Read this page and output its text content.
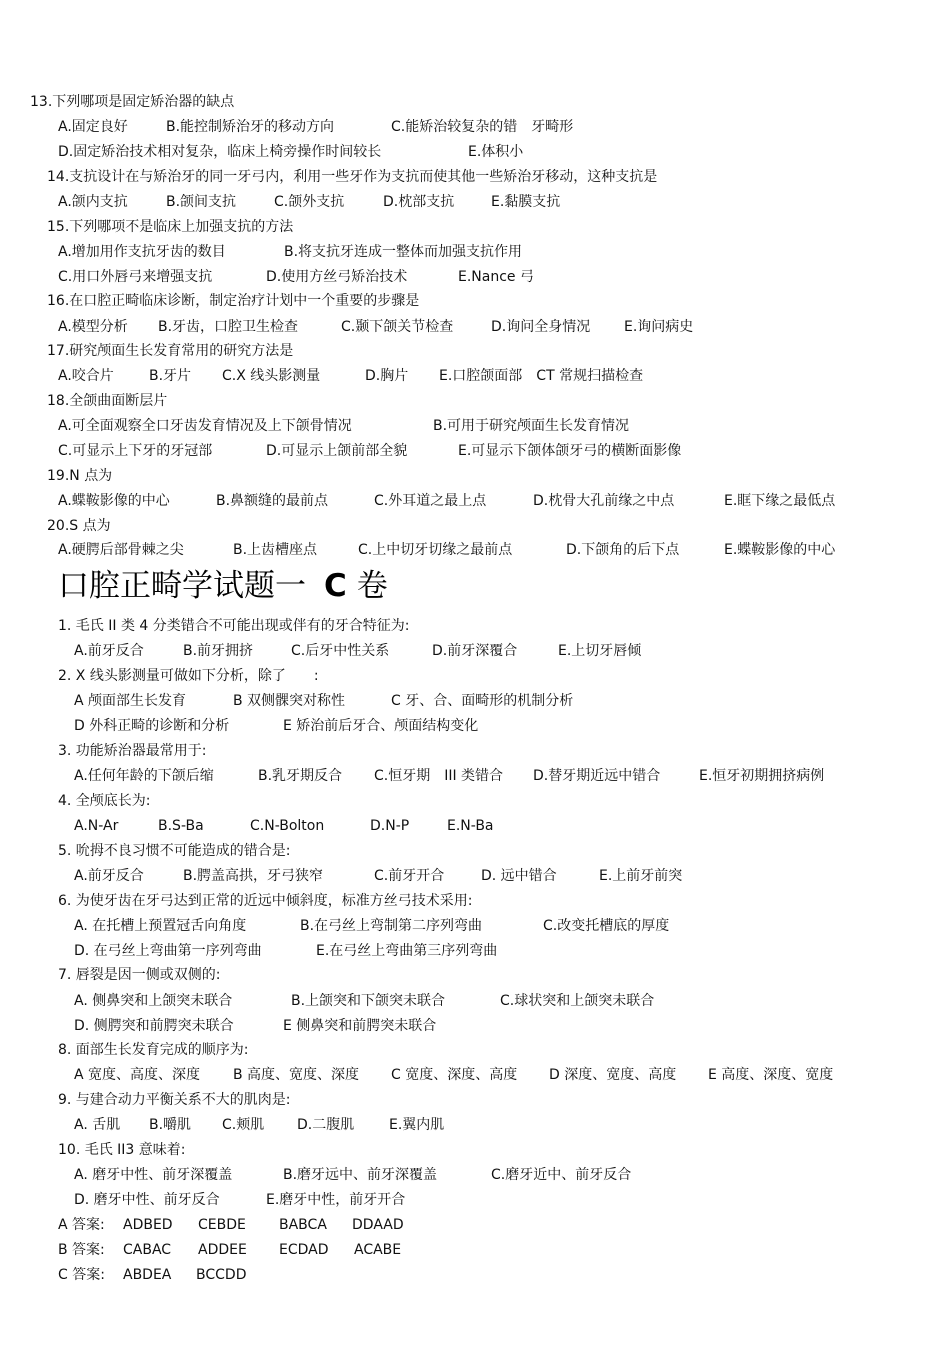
13.下列哪项是固定矫治器的缺点
A.固定良好	B.能控制矫治牙的移动方向	C.能矫治较复杂的错　牙畸形
D.固定矫治技术相对复杂，临床上椅旁操作时间较长	E.体积小
14.支抗设计在与矫治牙的同一牙弓内，利用一些牙作为支抗而使其他一些矫治牙移动，这种支抗是
A.颌内支抗	B.颌间支抗	C.颌外支抗	D.枕部支抗	E.黏膜支抗
15.下列哪项不是临床上加强支抗的方法
A.增加用作支抗牙齿的数目	B.将支抗牙连成一整体而加强支抗作用
C.用口外唇弓来增强支抗	D.使用方丝弓矫治技术	E.Nance 弓
16.在口腔正畸临床诊断，制定治疗计划中一个重要的步骤是
A.模型分析 B.牙齿，口腔卫生检查	C.颞下颌关节检查	D.询问全身情况 E.询问病史
17.研究颅面生长发育常用的研究方法是
A.咬合片	B.牙片 C.X 线头影测量	D.胸片 E.口腔颌面部　CT 常规扫描检查
18.全颌曲面断层片
A.可全面观察全口牙齿发育情况及上下颌骨情况	B.可用于研究颅面生长发育情况
C.可显示上下牙的牙冠部	D.可显示上颌前部全貌	E.可显示下颌体颌牙弓的横断面影像
19.N 点为
A.蝶鞍影像的中心	B.鼻额缝的最前点	C.外耳道之最上点	D.枕骨大孔前缘之中点	E.眶下缘之最低点
20.S 点为
A.硬腭后部骨棘之尖	B.上齿槽座点	C.上中切牙切缘之最前点	D.下颌角的后下点	E.蝶鞍影像的中心
口腔正畸学试题一 C 卷
1. 毛氏 II 类 4 分类错合不可能出现或伴有的牙合特征为:
A.前牙反合	B.前牙拥挤	C.后牙中性关系	D.前牙深覆合	E.上切牙唇倾
2. X 线头影测量可做如下分析，除了　　:
A 颅面部生长发育	B 双侧髁突对称性	C 牙、合、面畸形的机制分析
D 外科正畸的诊断和分析	E 矫治前后牙合、颅面结构变化
3. 功能矫治器最常用于:
A.任何年龄的下颌后缩	B.乳牙期反合 C.恒牙期　III 类错合 D.替牙期近远中错合	E.恒牙初期拥挤病例
4. 全颅底长为:
A.N-Ar	B.S-Ba	C.N-Bolton	D.N-P	E.N-Ba
5. 吮拇不良习惯不可能造成的错合是:
A.前牙反合	B.腭盖高拱，牙弓狭窄	C.前牙开合	D. 远中错合	E.上前牙前突
6. 为使牙齿在牙弓达到正常的近远中倾斜度，标准方丝弓技术采用:
A. 在托槽上预置冠舌向角度	B.在弓丝上弯制第二序列弯曲	C.改变托槽底的厚度
D. 在弓丝上弯曲第一序列弯曲	E.在弓丝上弯曲第三序列弯曲
7. 唇裂是因一侧或双侧的:
A. 侧鼻突和上颌突未联合	B.上颌突和下颌突未联合	C.球状突和上颌突未联合
D. 侧腭突和前腭突未联合	E 侧鼻突和前腭突未联合
8. 面部生长发育完成的顺序为:
A 宽度、高度、深度 B 高度、宽度、深度 C 宽度、深度、高度 D 深度、宽度、高度 E 高度、深度、宽度
9. 与建合动力平衡关系不大的肌肉是:
A. 舌肌 B.嚼肌 C.颊肌 D.二腹肌 E.翼内肌
10. 毛氏 II3 意味着:
A. 磨牙中性、前牙深覆盖	B.磨牙远中、前牙深覆盖	C.磨牙近中、前牙反合
D. 磨牙中性、前牙反合	E.磨牙中性，前牙开合
A 答案: ADBED CEBDE BABCA DDAAD
B 答案: CABAC ADDEE ECDAD ACABE
C 答案: ABDEA BCCDD
